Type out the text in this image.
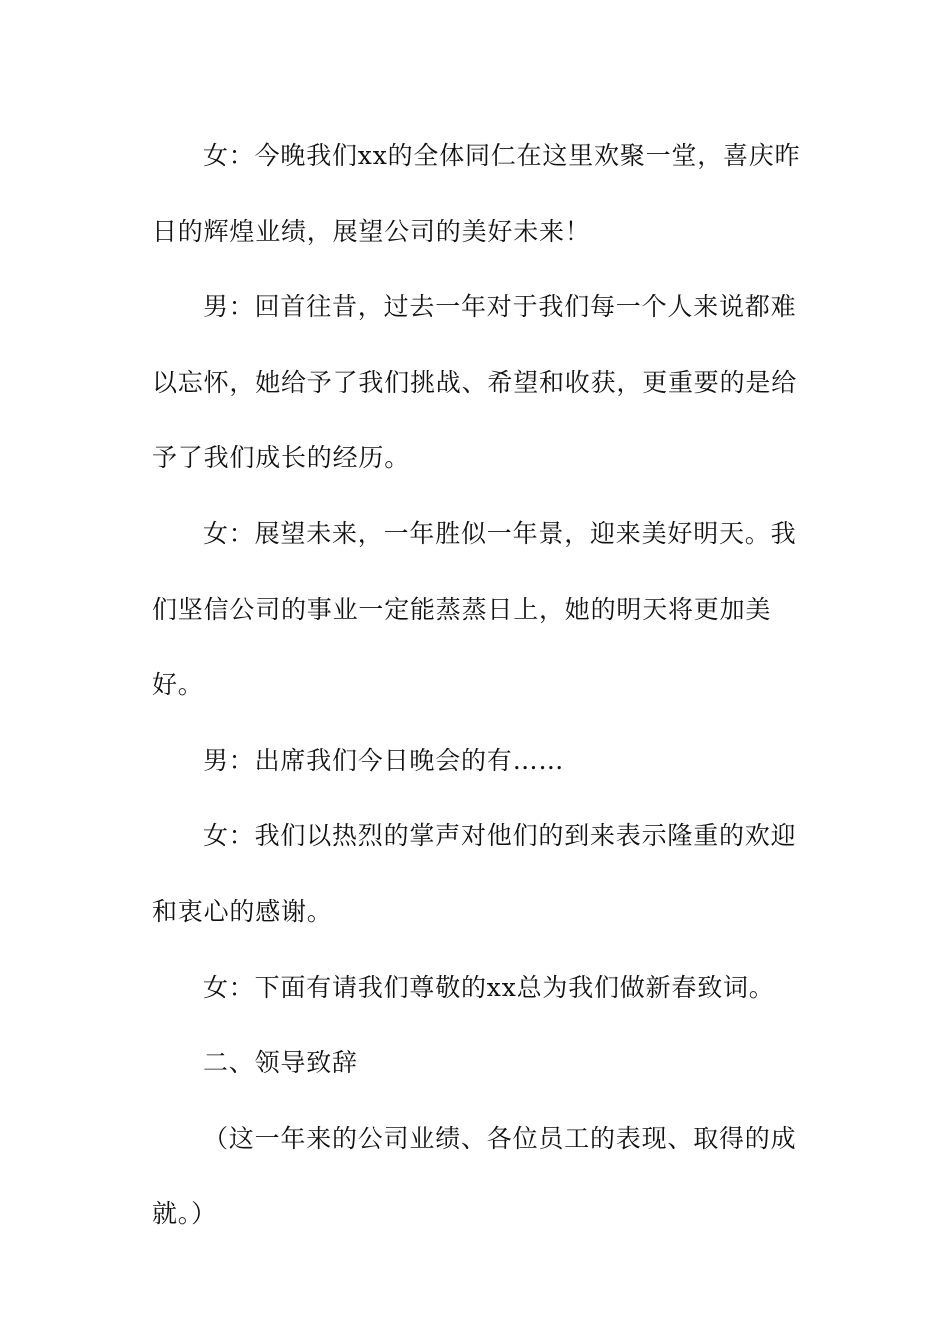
女：今晚我们xx的全体同仁在这里欢聚一堂，喜庆昨日的辉煌业绩，展望公司的美好未来！

男：回首往昔，过去一年对于我们每一个人来说都难以忘怀，她给予了我们挑战、希望和收获，更重要的是给予了我们成长的经历。

女：展望未来，一年胜似一年景，迎来美好明天。我们坚信公司的事业一定能蒸蒸日上，她的明天将更加美好。

男：出席我们今日晚会的有……

女：我们以热烈的掌声对他们的到来表示隆重的欢迎和衷心的感谢。

女：下面有请我们尊敬的xx总为我们做新春致词。

二、领导致辞

（这一年来的公司业绩、各位员工的表现、取得的成就。）
